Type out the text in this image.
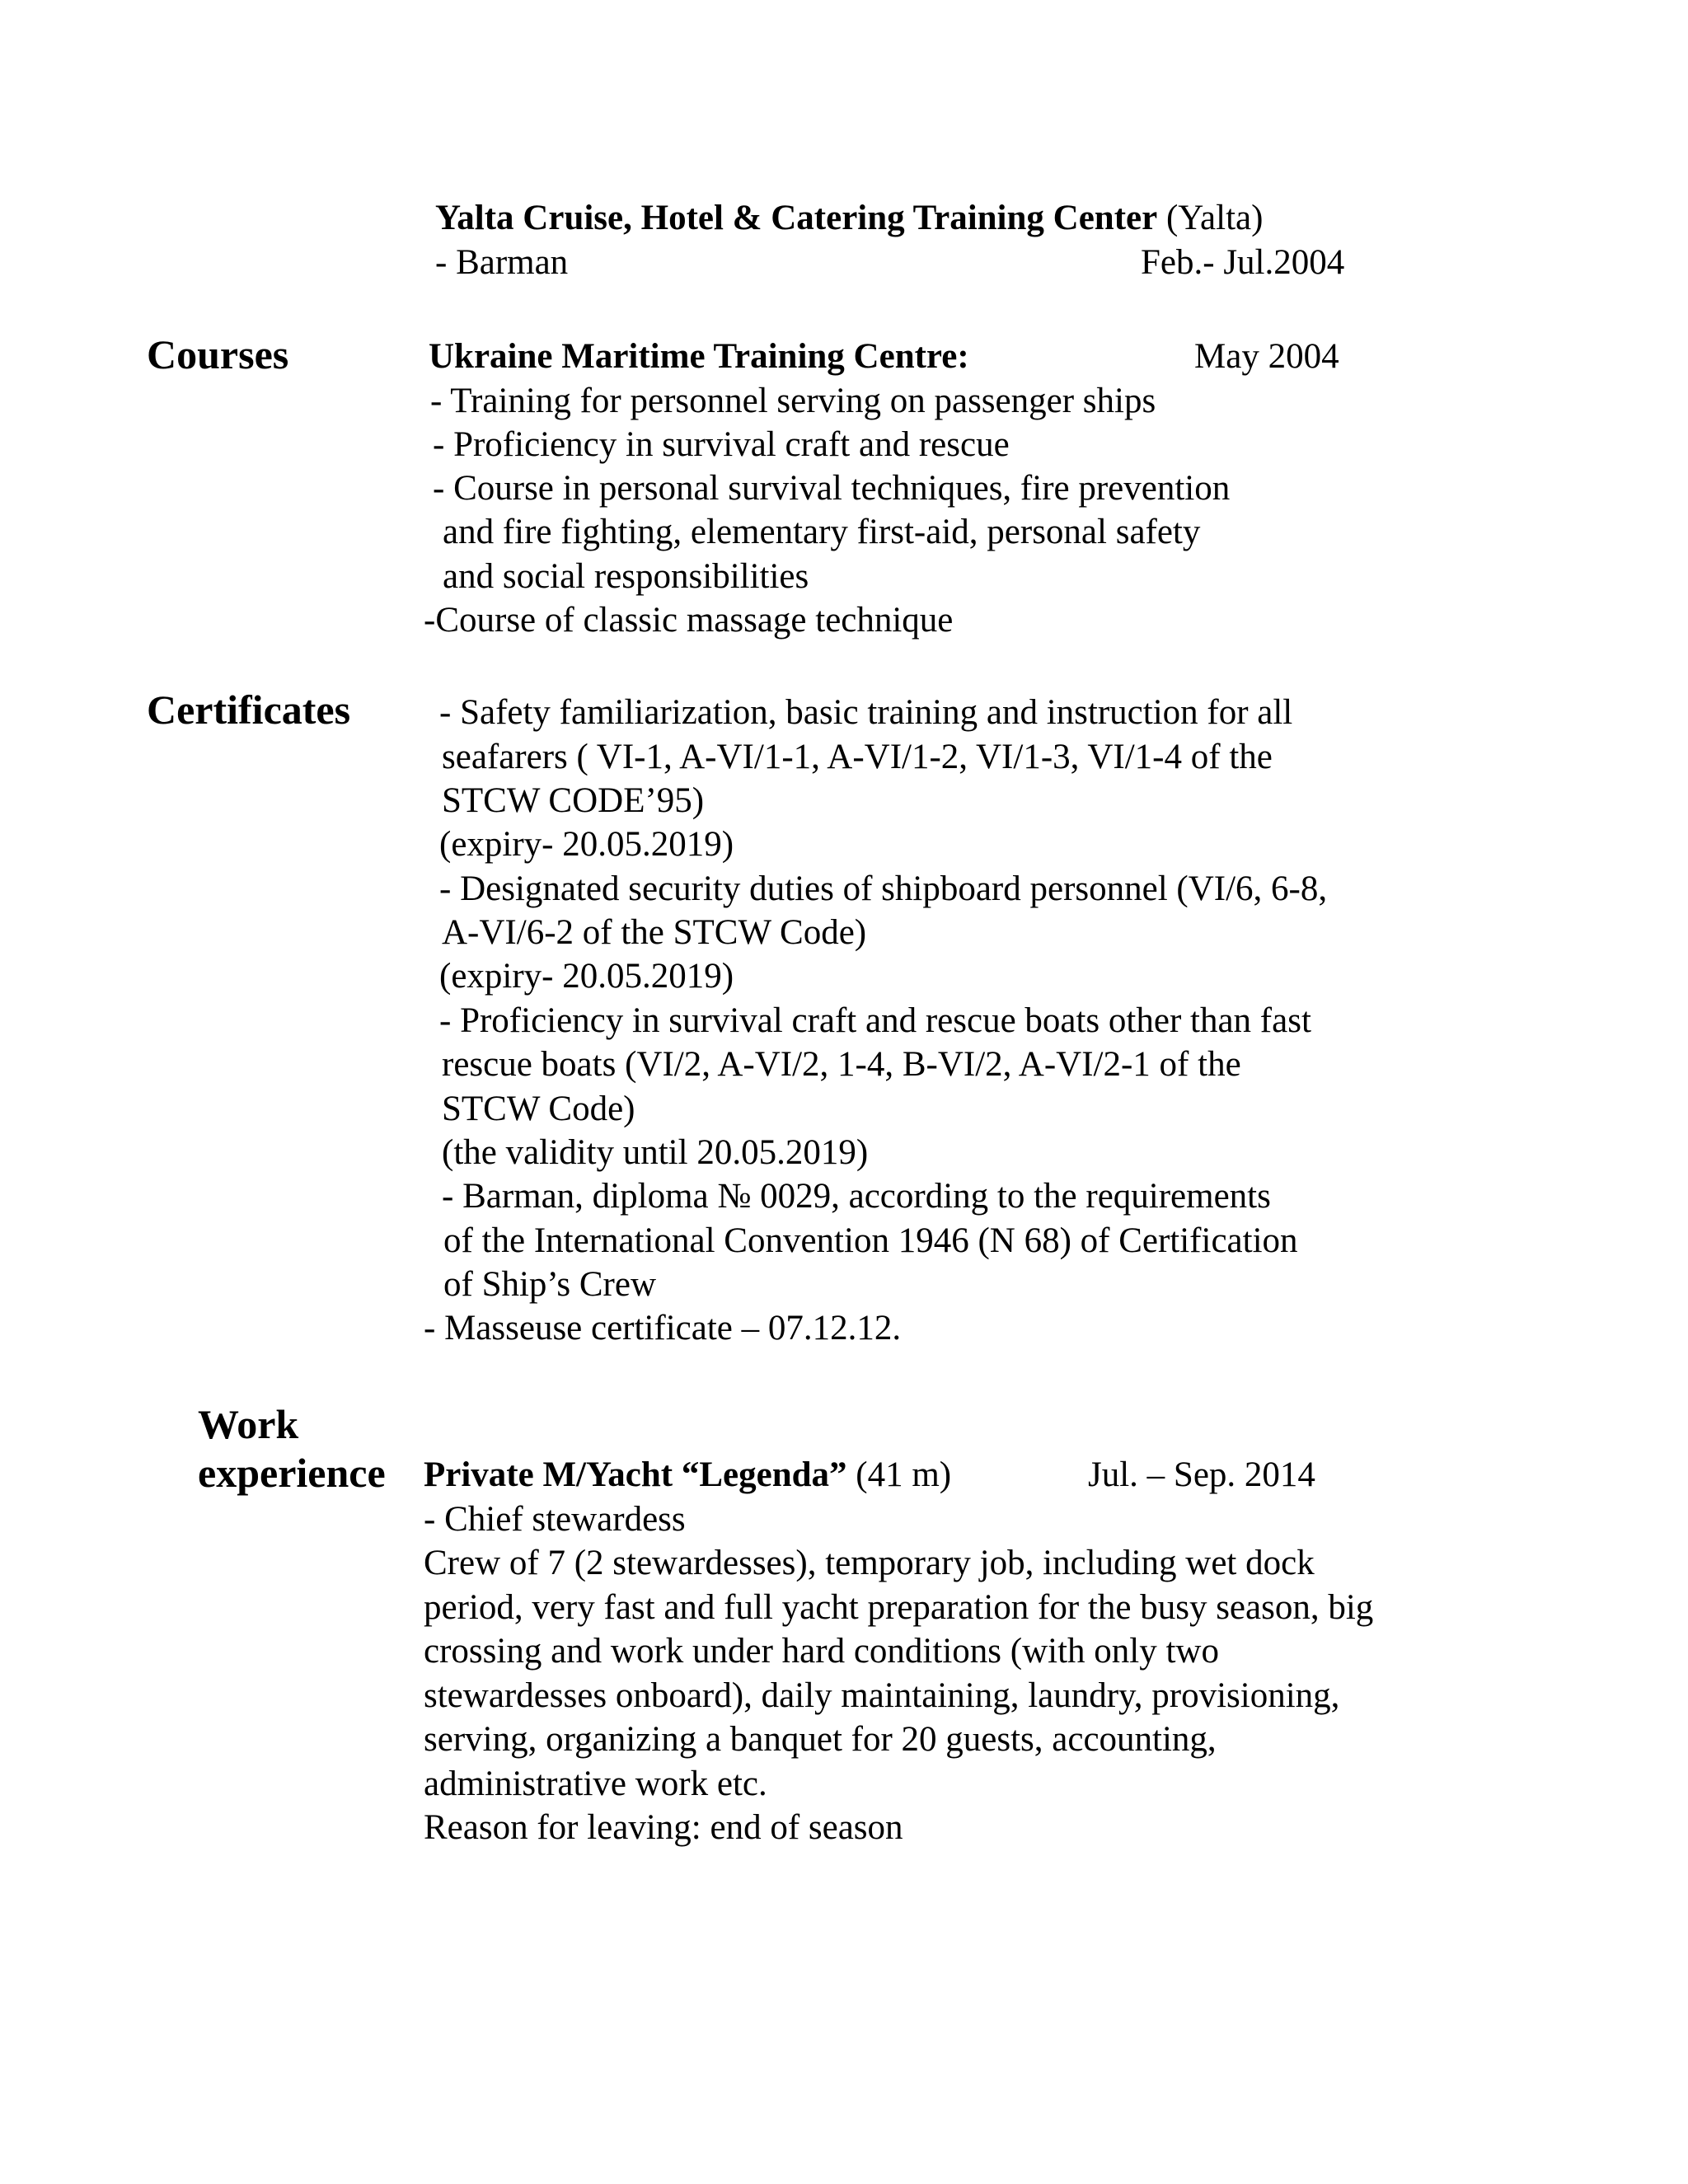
Yalta Cruise, Hotel & Catering Training Center (Yalta)
- Barman	Feb.- Jul.2004
Courses	Ukraine Maritime Training Centre:	May 2004
- Training for personnel serving on passenger ships
- Proficiency in survival craft and rescue
- Course in personal survival techniques, fire prevention
and fire fighting, elementary first-aid, personal safety
and social responsibilities
-Course of classic massage technique
Certificates	- Safety familiarization, basic training and instruction for all
seafarers ( VI-1, A-VI/1-1, A-VI/1-2, VI/1-3, VI/1-4 of the
STCW CODE’95)
(expiry- 20.05.2019)
- Designated security duties of shipboard personnel (VI/6, 6-8,
A-VI/6-2 of the STCW Code)
(expiry- 20.05.2019)
- Proficiency in survival craft and rescue boats other than fast
rescue boats (VI/2, A-VI/2, 1-4, B-VI/2, A-VI/2-1 of the
STCW Code)
(the validity until 20.05.2019)
- Barman, diploma № 0029, according to the requirements
of the International Convention 1946 (N 68) of Certification
of Ship’s Crew
- Masseuse certificate – 07.12.12.
Work
experience Private M/Yacht “Legenda” (41 m)	Jul. – Sep. 2014
- Chief stewardess
Crew of 7 (2 stewardesses), temporary job, including wet dock
period, very fast and full yacht preparation for the busy season, big
crossing and work under hard conditions (with only two
stewardesses onboard), daily maintaining, laundry, provisioning,
serving, organizing a banquet for 20 guests, accounting,
administrative work etc.
Reason for leaving: end of season
